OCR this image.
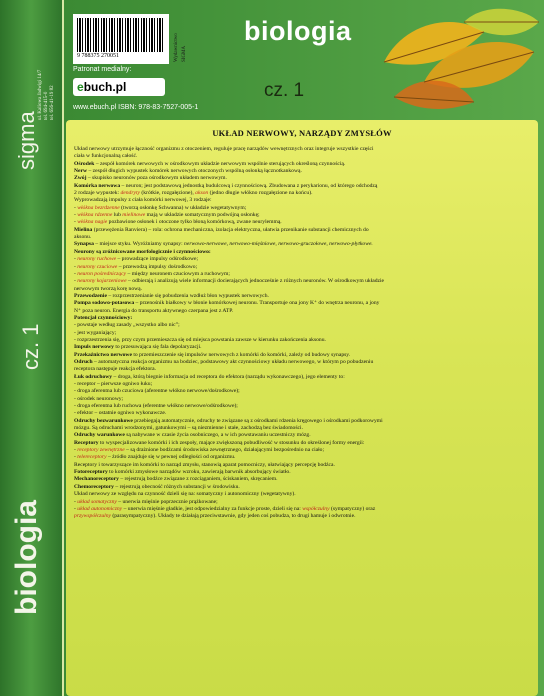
ul. Kaliowa Jadwigi 14/7 tel. 694-415-0 tel. 656-41-19 82
sigma
cz. 1
biologia
9 788375 270051	Wydawnictwo SIGMA
Patronat medialny:
ebuch.pl
www.ebuch.pl ISBN: 978-83-7527-005-1
biologia
cz. 1
UKŁAD NERWOWY, NARZĄDY ZMYSŁÓW
Układ nerwowy utrzymuje łączność organizmu z otoczeniem, reguluje pracę narządów wewnętrznych oraz integruje wszystkie części
ciała w funkcjonalną całość.
Ośrodek – zespół komórek nerwowych w ośrodkowym układzie nerwowym wspólnie sterujących określoną czynnością.
Nerw – zespół długich wypustek komórek nerwowych otoczonych wspólną osłonką łącznotkankową.
Zwój – skupisko neuronów poza ośrodkowym układem nerwowym.
Komórka nerwowa – neuron; jest podstawową jednostką budulcową i czynnościową. Zbudowana z perykarionu, od którego odchodzą
2 rodzaje wypustek: dendryty (krótkie, rozgałęzione), akson (jedno długie włókno rozgałęzione na końcu).
Wyprowadzają impulsy z ciała komórki nerwowej, 3 rodzaje:
- włókna bezrdzenne (tworzą osłonkę Schwanna) w układzie wegetatywnym;
- włókna rdzenne lub mielinowe mają w układzie somatycznym podwójną osłonkę;
- włókna nagie pozbawione osłonek i otoczone tylko błoną komórkową, zwane neurylemmą.
Mielina (przewężenia Ranviera) – rola: ochrona mechaniczna, izolacja elektryczna, ułatwia przenikanie substancji chemicznych do
aksonu.
Synapsa – miejsce styku. Wyróżniamy synapsy: nerwowo-nerwowe, nerwowo-mięśniowe, nerwowo-gruczołowe, nerwowo-płytkowe.
Neurony są zróżnicowane morfologicznie i czynnościowo:
- neurony ruchowe – prowadzące impulsy odśrodkowe;
- neurony czuciowe – przewodzą impulsy dośrodkowo;
- neuron pośredniczący – między neuronem czuciowym a ruchowym;
- neurony kojarzeniowe – odbierają i analizują wiele informacji docierających jednocześnie z różnych neuronów. W ośrodkowym układzie
nerwowym tworzą korę nową.
Przewodzenie – rozprzestrzenianie się pobudzenia wzdłuż błon wypustek nerwowych.
Pompa sodowo-potasowa – przenośnik białkowy w błonie komórkowej neuronu. Transportuje ona jony K⁺ do wnętrza neuronu, a jony
N⁺ poza neuron. Energia do transportu aktywnego czerpana jest z ATP.
Potencjał czynnościowy:
- powstaje według zasady „wszystko albo nic”;
- jest wyganiający;
- rozprzestrzenia się, przy czym przemieszcza się od miejsca powstania zawsze w kierunku zakończenia aksonu.
Impuls nerwowy to przesuwająca się fala depolaryzacji.
Przekaźnictwo nerwowe to przemieszczenie się impulsów nerwowych z komórki do komórki, zależy od budowy synapsy.
Odruch – automatyczna reakcja organizmu na bodziec, podstawowy akt czynnościowy układu nerwowego, w którym po pobudzeniu
receptora następuje reakcja efektora.
Łuk odruchowy – droga, którą biegnie informacja od receptora do efektora (narządu wykonawczego), jego elementy to:
- receptor – pierwsze ogniwo łuku;
- droga aferentna lub czuciowa (aferentne włókno nerwowe/dośrodkowe);
- ośrodek neuronowy;
- droga eferentna lub ruchowa (eferentne włókno nerwowe/odśrodkowe);
- efektor – ostatnie ogniwo wykonawcze.
Odruchy bezwarunkowe przebiegają automatycznie, odruchy te związane są z ośrodkami rdzenia kręgowego i ośrodkami podkorowymi
mózgu. Są odruchami wrodzonymi, gatunkowymi – są niezmienne i stałe, zachodzą bez świadomości.
Odruchy warunkowe są nabywane w czasie życia osobniczego, a w ich powstawaniu uczestniczy mózg.
Receptory to wyspecjalizowane komórki i ich zespoły, mające zwiększoną pobudliwość w stosunku do określonej formy energii:
- receptory zewnętrzne – są drażnione bodźcami środowiska zewnętrznego, działającymi bezpośrednio na ciało;
- telereceptory – źródło znajduje się w pewnej odległości od organizmu.
Receptory i towarzyszące im komórki to narząd zmysłu, stanowią aparat pomocniczy, ułatwiający percepcję bodźca.
Fotoreceptory to komórki zmysłowe narządów wzroku, zawierają barwnik absorbujący światło.
Mechanoreceptory – rejestrują bodźce związane z rozciąganiem, ściskaniem, skręcaniem.
Chemoreceptory – rejestrują obecność różnych substancji w środowisku.
Układ nerwowy ze względu na czynność dzieli się na: somatyczny i autonomiczny (wegetatywny).
- układ somatyczny – unerwia mięśnie poprzecznie prążkowane;
- układ autonomiczny – unerwia mięśnie gładkie, jest odpowiedzialny za funkcje proste, dzieli się na: współczulny (sympatyczny) oraz
przywspółczulny (parasympatyczny). Układy te działają przeciwstawnie, gdy jeden coś pobudza, to drugi hamuje i odwrotnie.
